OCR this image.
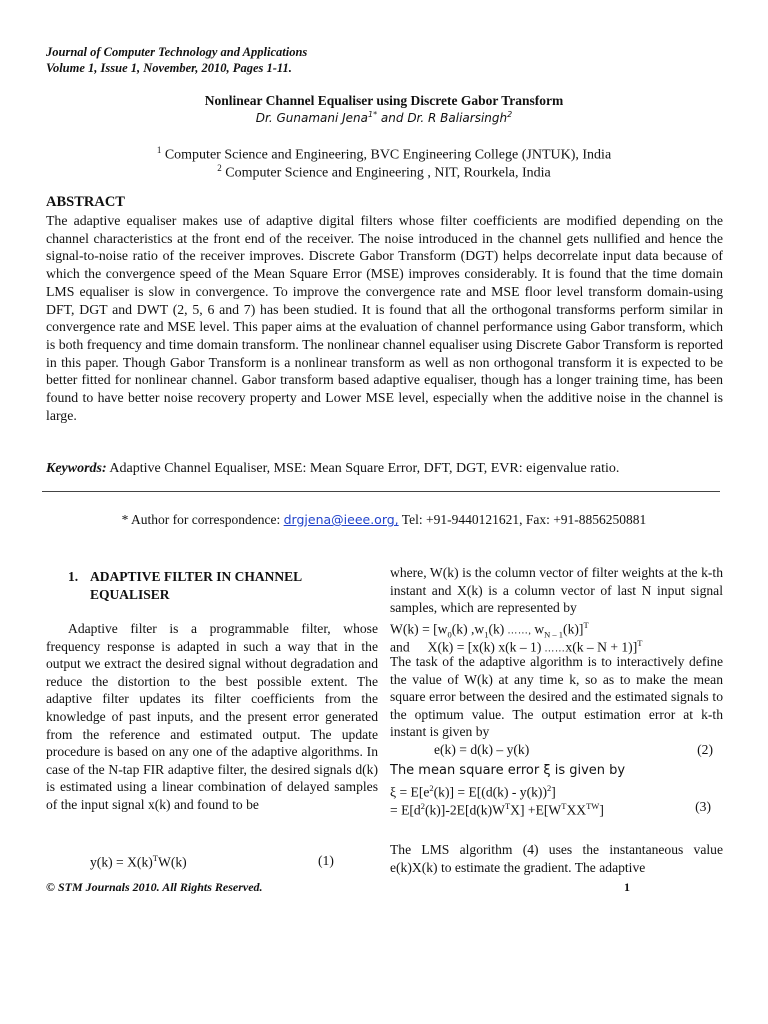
Journal of Computer Technology and Applications
Volume 1, Issue 1, November, 2010, Pages 1-11.
Nonlinear Channel Equaliser using Discrete Gabor Transform
Dr. Gunamani Jena$^{1*}$ and Dr. R Baliarsingh$^2$
$^1$ Computer Science and Engineering, BVC Engineering College (JNTUK), India
$^2$ Computer Science and Engineering , NIT, Rourkela, India
ABSTRACT
The adaptive equaliser makes use of adaptive digital filters whose filter coefficients are modified depending on the channel characteristics at the front end of the receiver. The noise introduced in the channel gets nullified and hence the signal-to-noise ratio of the receiver improves. Discrete Gabor Transform (DGT) helps decorrelate input data because of which the convergence speed of the Mean Square Error (MSE) improves considerably. It is found that the time domain LMS equaliser is slow in convergence. To improve the convergence rate and MSE floor level transform domain-using DFT, DGT and DWT (2, 5, 6 and 7) has been studied. It is found that all the orthogonal transforms perform similar in convergence rate and MSE level. This paper aims at the evaluation of channel performance using Gabor transform, which is both frequency and time domain transform. The nonlinear channel equaliser using Discrete Gabor Transform is reported in this paper. Though Gabor Transform is a nonlinear transform as well as non orthogonal transform it is expected to be better fitted for nonlinear channel. Gabor transform based adaptive equaliser, though has a longer training time, has been found to have better noise recovery property and Lower MSE level, especially when the additive noise in the channel is large.
Keywords: Adaptive Channel Equaliser, MSE: Mean Square Error, DFT, DGT, EVR: eigenvalue ratio.
* Author for correspondence: drgjena@ieee.org, Tel: +91-9440121621, Fax: +91-8856250881
1. ADAPTIVE FILTER IN CHANNEL
EQUALISER
Adaptive filter is a programmable filter, whose frequency response is adapted in such a way that in the output we extract the desired signal without degradation and reduce the distortion to the best possible extent. The adaptive filter updates its filter coefficients from the knowledge of past inputs, and the present error generated from the reference and estimated output. The update procedure is based on any one of the adaptive algorithms. In case of the N-tap FIR adaptive filter, the desired signals d(k) is estimated using a linear combination of delayed samples of the input signal x(k) and found to be
$y(k) = X(k)^TW(k)$	(1)
where, W(k) is the column vector of filter weights at the k-th instant and X(k) is a column vector of last N input signal samples, which are represented by
$W(k) = [w_0(k)$ $,w_1(k)$ ……, $w_{N - 1}(k)]^T$
and X(k) = [x(k) x(k – 1) ……x(k – N + 1)]$^T$
The task of the adaptive algorithm is to interactively define the value of W(k) at any time k, so as to make the mean square error between the desired and the estimated signals to the optimum value. The output estimation error at k-th instant is given by
e(k) = d(k) – y(k)	(2)
The mean square error ξ is given by
$\xi = E[e^2(k)] = E[(d(k) - y(k))^2]$
= $E[d^2(k)]-2E[d(k)W^TX] +E[W^TXX^{TW}]$	(3)
The LMS algorithm (4) uses the instantaneous value e(k)X(k) to estimate the gradient. The adaptive
© STM Journals 2010. All Rights Reserved.	1
